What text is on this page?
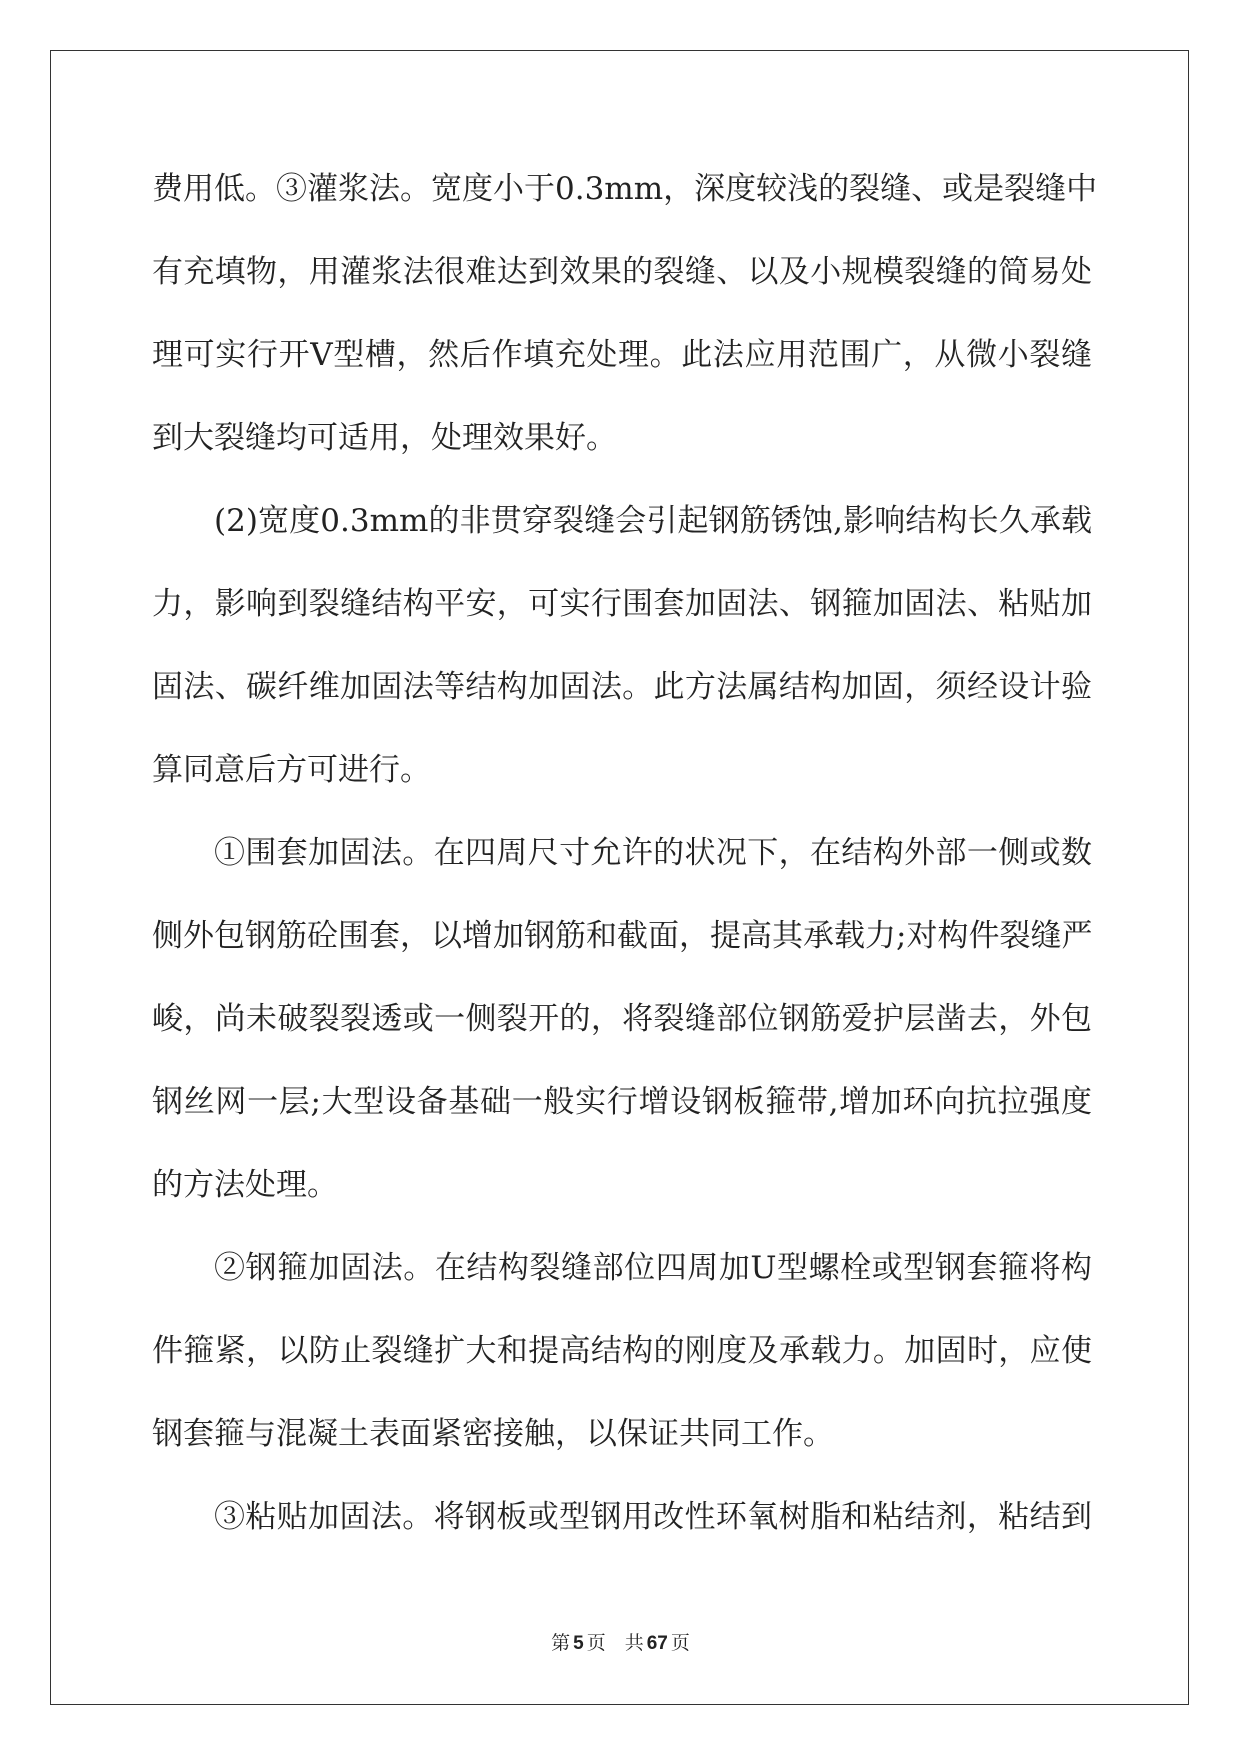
费用低。③灌浆法。宽度小于0.3mm，深度较浅的裂缝、或是裂缝中
有充填物，用灌浆法很难达到效果的裂缝、以及小规模裂缝的简易处
理可实行开V型槽，然后作填充处理。此法应用范围广，从微小裂缝
到大裂缝均可适用，处理效果好。
(2)宽度0.3mm的非贯穿裂缝会引起钢筋锈蚀,影响结构长久承载
力，影响到裂缝结构平安，可实行围套加固法、钢箍加固法、粘贴加
固法、碳纤维加固法等结构加固法。此方法属结构加固，须经设计验
算同意后方可进行。
①围套加固法。在四周尺寸允许的状况下，在结构外部一侧或数
侧外包钢筋砼围套，以增加钢筋和截面，提高其承载力;对构件裂缝严
峻，尚未破裂裂透或一侧裂开的，将裂缝部位钢筋爱护层凿去，外包
钢丝网一层;大型设备基础一般实行增设钢板箍带,增加环向抗拉强度
的方法处理。
②钢箍加固法。在结构裂缝部位四周加U型螺栓或型钢套箍将构
件箍紧，以防止裂缝扩大和提高结构的刚度及承载力。加固时，应使
钢套箍与混凝土表面紧密接触，以保证共同工作。
③粘贴加固法。将钢板或型钢用改性环氧树脂和粘结剂，粘结到
第 5 页　共 67 页
